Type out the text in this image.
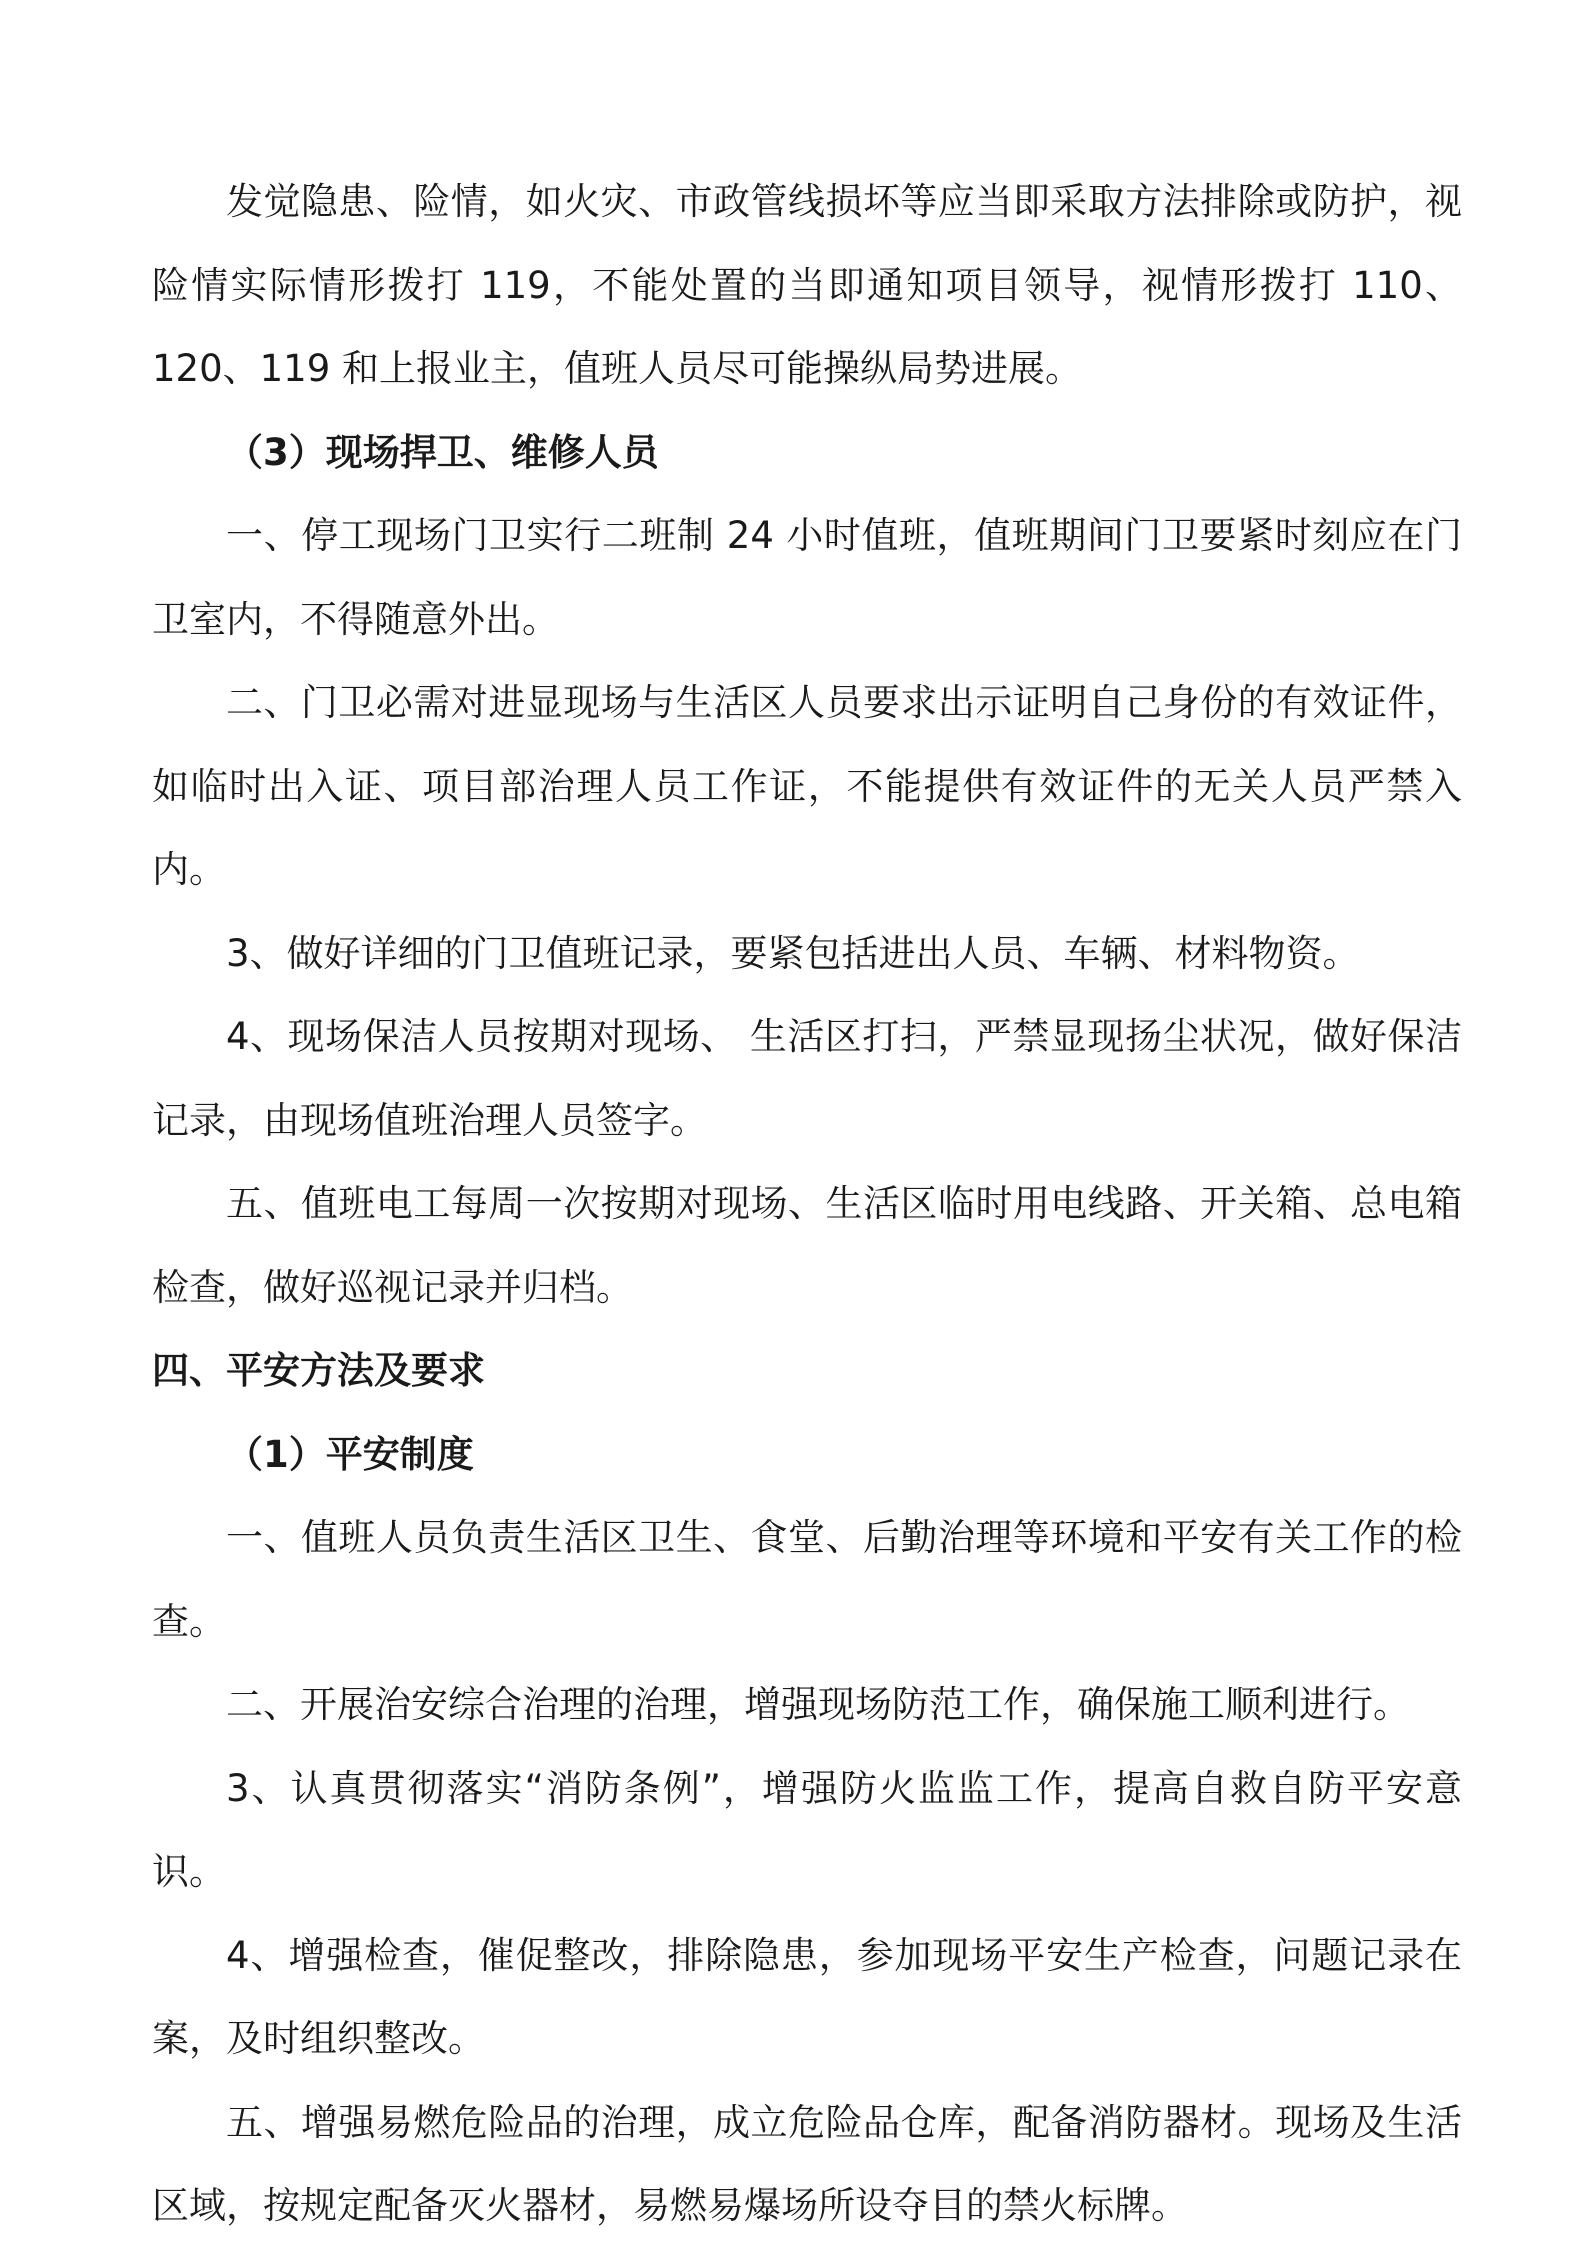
发觉隐患、险情，如火灾、市政管线损坏等应当即采取方法排除或防护，视险情实际情形拨打 119，不能处置的当即通知项目领导，视情形拨打 110、120、119 和上报业主，值班人员尽可能操纵局势进展。

（3）现场捍卫、维修人员

一、停工现场门卫实行二班制 24 小时值班，值班期间门卫要紧时刻应在门卫室内，不得随意外出。

二、门卫必需对进显现场与生活区人员要求出示证明自己身份的有效证件，如临时出入证、项目部治理人员工作证，不能提供有效证件的无关人员严禁入内。

3、做好详细的门卫值班记录，要紧包括进出人员、车辆、材料物资。

4、现场保洁人员按期对现场、 生活区打扫，严禁显现扬尘状况，做好保洁记录，由现场值班治理人员签字。

五、值班电工每周一次按期对现场、生活区临时用电线路、开关箱、总电箱检查，做好巡视记录并归档。

四、平安方法及要求

（1）平安制度

一、值班人员负责生活区卫生、食堂、后勤治理等环境和平安有关工作的检查。

二、开展治安综合治理的治理，增强现场防范工作，确保施工顺利进行。

3、认真贯彻落实“消防条例”，增强防火监监工作，提高自救自防平安意识。

4、增强检查，催促整改，排除隐患，参加现场平安生产检查，问题记录在案，及时组织整改。

五、增强易燃危险品的治理，成立危险品仓库，配备消防器材。现场及生活区域，按规定配备灭火器材，易燃易爆场所设夺目的禁火标牌。
